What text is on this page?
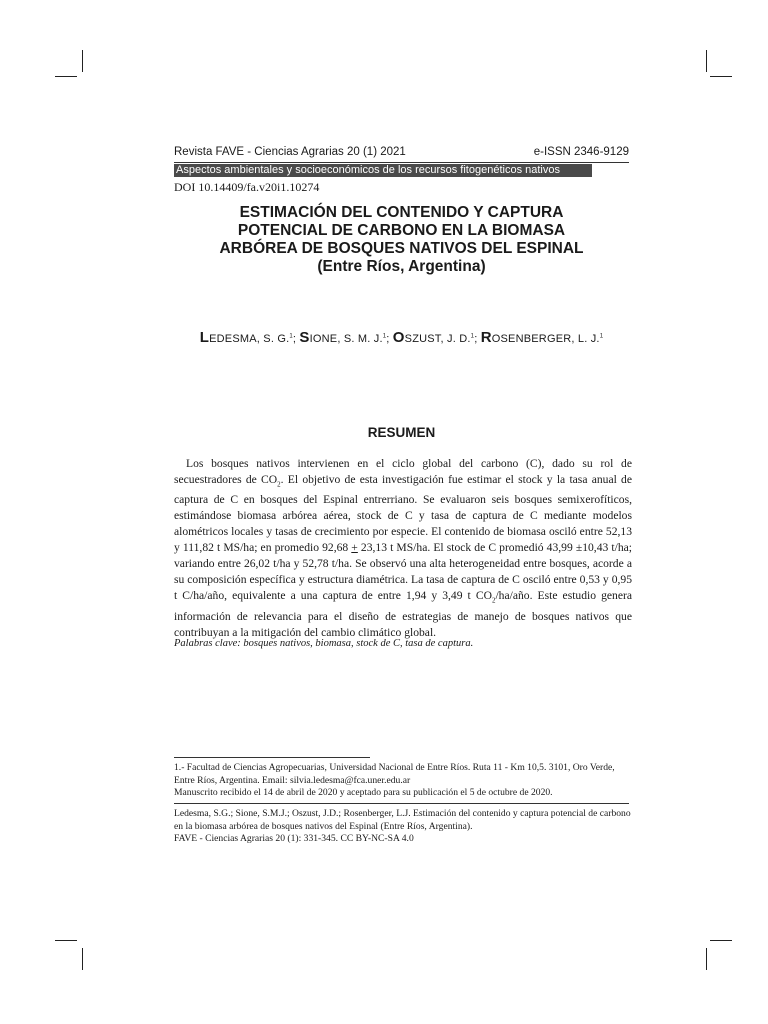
Revista FAVE - Ciencias Agrarias 20 (1) 2021	e-ISSN 2346-9129
Aspectos ambientales y socioeconómicos de los recursos fitogenéticos nativos
DOI 10.14409/fa.v20i1.10274
ESTIMACIÓN DEL CONTENIDO Y CAPTURA
POTENCIAL DE CARBONO EN LA BIOMASA
ARBÓREA DE BOSQUES NATIVOS DEL ESPINAL
(Entre Ríos, Argentina)
LEDESMA, S. G.$^1$; SIONE, S. M. J.$^1$; OSZUST, J. D.$^1$; ROSENBERGER, L. J.$^1$
RESUMEN

Los bosques nativos intervienen en el ciclo global del carbono (C), dado su rol de secuestradores de $CO_2$. El objetivo de esta investigación fue estimar el stock y la tasa anual de captura de C en bosques del Espinal entrerriano. Se evaluaron seis bosques semixerofíticos, estimándose biomasa arbórea aérea, stock de C y tasa de captura de C mediante modelos alométricos locales y tasas de crecimiento por especie. El contenido de biomasa osciló entre 52,13 y 111,82 t MS/ha; en promedio 92,68 + 23,13 t MS/ha. El stock de C promedió 43,99 ±10,43 t/ha; variando entre 26,02 t/ha y 52,78 t/ha. Se observó una alta heterogeneidad entre bosques, acorde a su composición específica y estructura diamétrica. La tasa de captura de C osciló entre 0,53 y 0,95 t C/ha/año, equivalente a una captura de entre 1,94 y 3,49 t $CO_2/ha$/año. Este estudio genera información de relevancia para el diseño de estrategias de manejo de bosques nativos que contribuyan a la mitigación del cambio climático global.

Palabras clave: bosques nativos, biomasa, stock de C, tasa de captura.

1.- Facultad de Ciencias Agropecuarias, Universidad Nacional de Entre Ríos. Ruta 11 - Km 10,5. 3101, Oro Verde, Entre Ríos, Argentina. Email: silvia.ledesma@fca.uner.edu.ar

Manuscrito recibido el 14 de abril de 2020 y aceptado para su publicación el 5 de octubre de 2020.

Ledesma, S.G.; Sione, S.M.J.; Oszust, J.D.; Rosenberger, L.J. Estimación del contenido y captura potencial de carbono en la biomasa arbórea de bosques nativos del Espinal (Entre Ríos, Argentina).

FAVE - Ciencias Agrarias 20 (1): 331-345. CC BY-NC-SA 4.0
